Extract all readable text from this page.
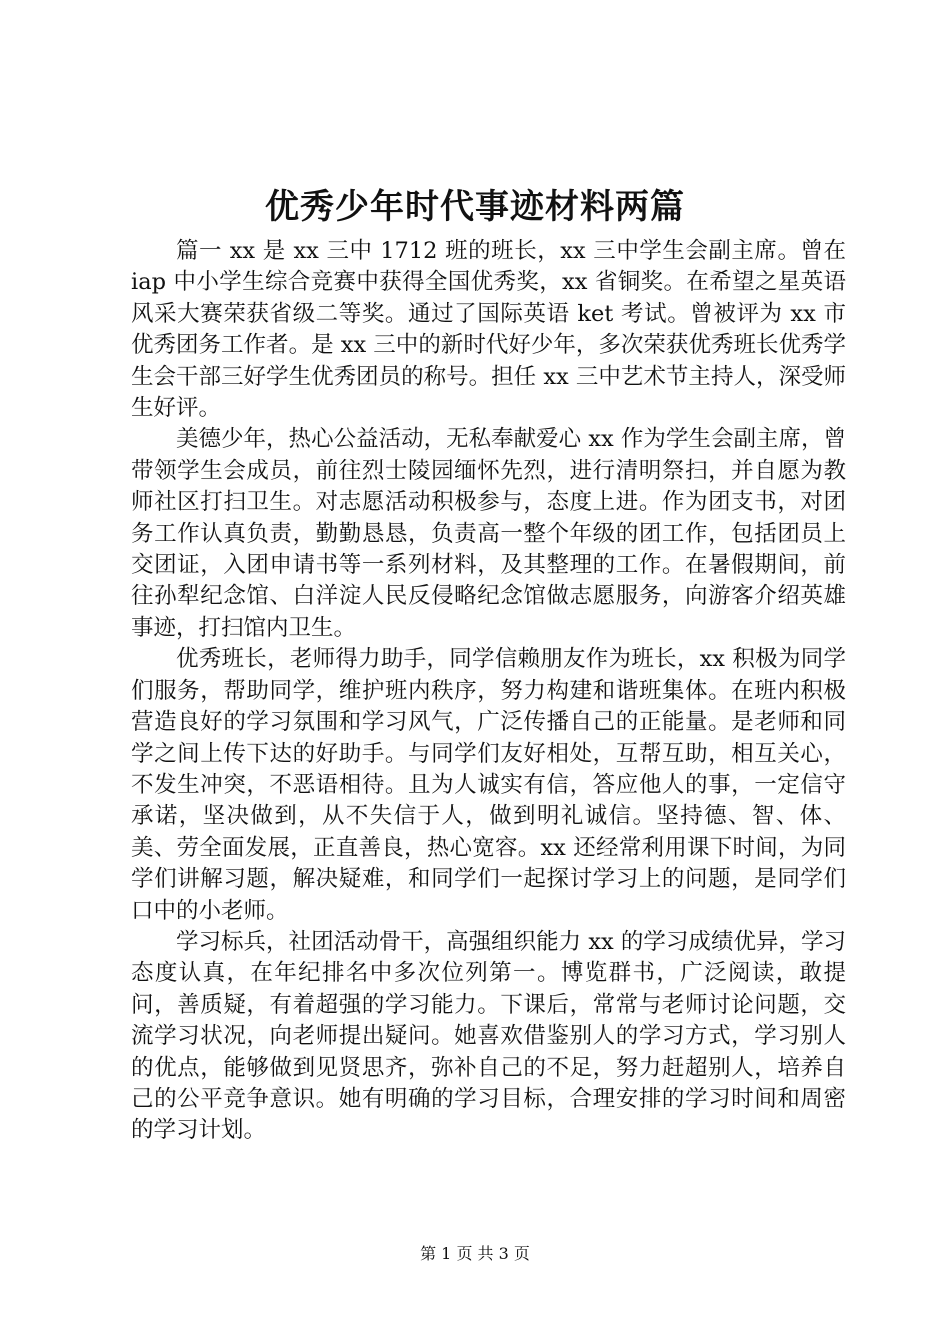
优秀少年时代事迹材料两篇

篇一 xx 是 xx 三中 1712 班的班长，xx 三中学生会副主席。曾在 iap 中小学生综合竞赛中获得全国优秀奖，xx 省铜奖。在希望之星英语风采大赛荣获省级二等奖。通过了国际英语 ket 考试。曾被评为 xx 市优秀团务工作者。是 xx 三中的新时代好少年，多次荣获优秀班长优秀学生会干部三好学生优秀团员的称号。担任 xx 三中艺术节主持人，深受师生好评。

美德少年，热心公益活动，无私奉献爱心 xx 作为学生会副主席，曾带领学生会成员，前往烈士陵园缅怀先烈，进行清明祭扫，并自愿为教师社区打扫卫生。对志愿活动积极参与，态度上进。作为团支书，对团务工作认真负责，勤勤恳恳，负责高一整个年级的团工作，包括团员上交团证，入团申请书等一系列材料，及其整理的工作。在暑假期间，前往孙犁纪念馆、白洋淀人民反侵略纪念馆做志愿服务，向游客介绍英雄事迹，打扫馆内卫生。

优秀班长，老师得力助手，同学信赖朋友作为班长，xx 积极为同学们服务，帮助同学，维护班内秩序，努力构建和谐班集体。在班内积极营造良好的学习氛围和学习风气，广泛传播自己的正能量。是老师和同学之间上传下达的好助手。与同学们友好相处，互帮互助，相互关心，不发生冲突，不恶语相待。且为人诚实有信，答应他人的事，一定信守承诺，坚决做到，从不失信于人，做到明礼诚信。坚持德、智、体、美、劳全面发展，正直善良，热心宽容。xx 还经常利用课下时间，为同学们讲解习题，解决疑难，和同学们一起探讨学习上的问题，是同学们口中的小老师。

学习标兵，社团活动骨干，高强组织能力 xx 的学习成绩优异，学习态度认真，在年纪排名中多次位列第一。博览群书，广泛阅读，敢提问，善质疑，有着超强的学习能力。下课后，常常与老师讨论问题，交流学习状况，向老师提出疑问。她喜欢借鉴别人的学习方式，学习别人的优点，能够做到见贤思齐，弥补自己的不足，努力赶超别人，培养自己的公平竞争意识。她有明确的学习目标，合理安排的学习时间和周密的学习计划。

第 1 页 共 3 页
